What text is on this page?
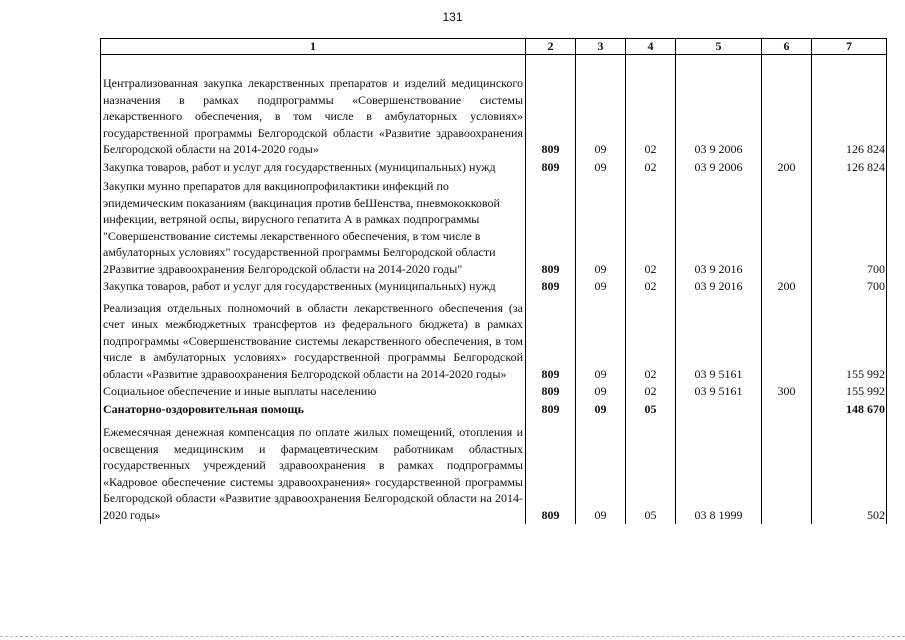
131
1	2	3	4	5	6	7
Централизованная закупка лекарственных препаратов и изделий медицинского назначения в рамках подпрограммы «Совершенствование системы лекарственного обеспечения, в том числе в амбулаторных условиях» государственной программы Белгородской области «Развитие здравоохранения Белгородской области на 2014-2020 годы»	809	09	02	03 9 2006		126 824
Закупка товаров, работ и услуг для государственных (муниципальных) нужд	809	09	02	03 9 2006	200	126 824
Закупки мунно препаратов для вакцинопрофилактики инфекций по эпидемическим показаниям (вакцинация против беШенства, пневмококковой инфекции, ветряной оспы, вирусного гепатита А в рамках подпрограммы "Совершенствование системы лекарственного обеспечения, в том числе в амбулаторных условиях" государственной программы Белгородской области 2Развитие здравоохранения Белгородской области на 2014-2020 годы"	809	09	02	03 9 2016		700
Закупка товаров, работ и услуг для государственных (муниципальных) нужд	809	09	02	03 9 2016	200	700
Реализация отдельных полномочий в области лекарственного обеспечения (за счет иных межбюджетных трансфертов из федерального бюджета) в рамках подпрограммы «Совершенствование системы лекарственного обеспечения, в том числе в амбулаторных условиях» государственной программы Белгородской области «Развитие здравоохранения Белгородской области на 2014-2020 годы»	809	09	02	03 9 5161		155 992
Социальное обеспечение и иные выплаты населению	809	09	02	03 9 5161	300	155 992
Санаторно-оздоровительная помощь	809	09	05			148 670
Ежемесячная денежная компенсация по оплате жилых помещений, отопления и освещения медицинским и фармацевтическим работникам областных государственных учреждений здравоохранения в рамках подпрограммы «Кадровое обеспечение системы здравоохранения» государственной программы Белгородской области «Развитие здравоохранения Белгородской области на 2014-2020 годы»	809	09	05	03 8 1999		502
